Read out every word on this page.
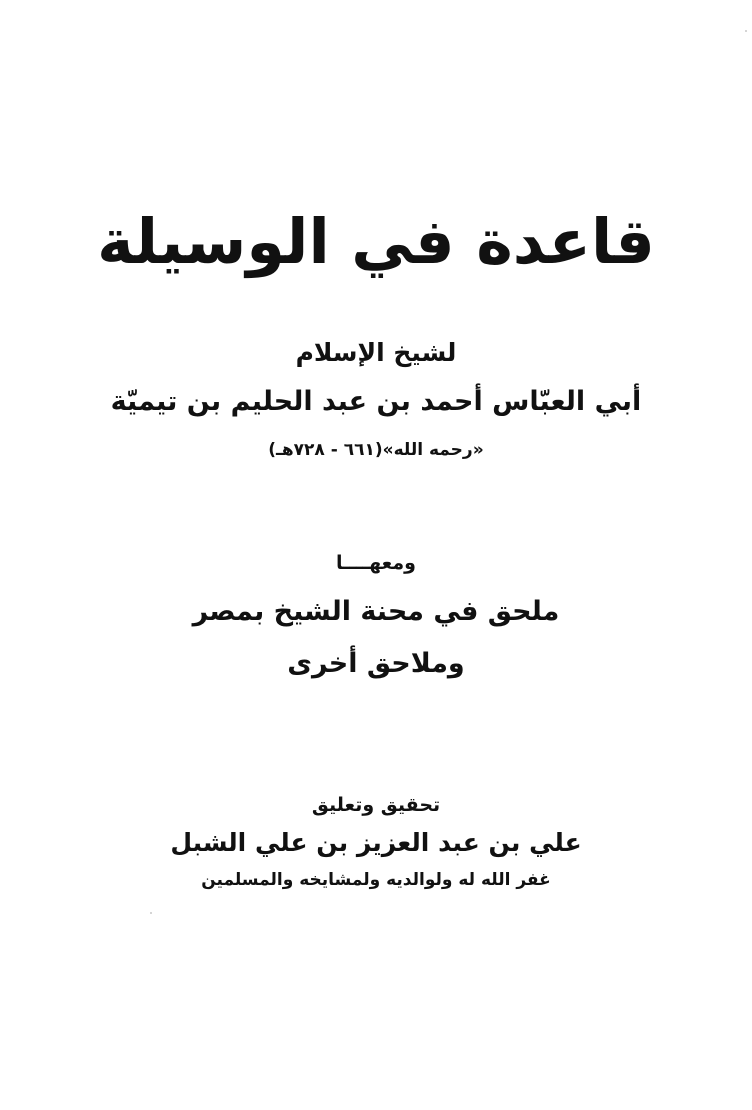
قاعدة في الوسيلة
لشيخ الإسلام
أبي العبّاس أحمد بن عبد الحليم بن تيميّة
«رحمه الله»(٦٦١ - ٧٢٨هـ)
ومعهــــا
ملحق في محنة الشيخ بمصر
وملاحق أخرى
تحقيق وتعليق
علي بن عبد العزيز بن علي الشبل
غفر الله له ولوالديه ولمشايخه والمسلمين
